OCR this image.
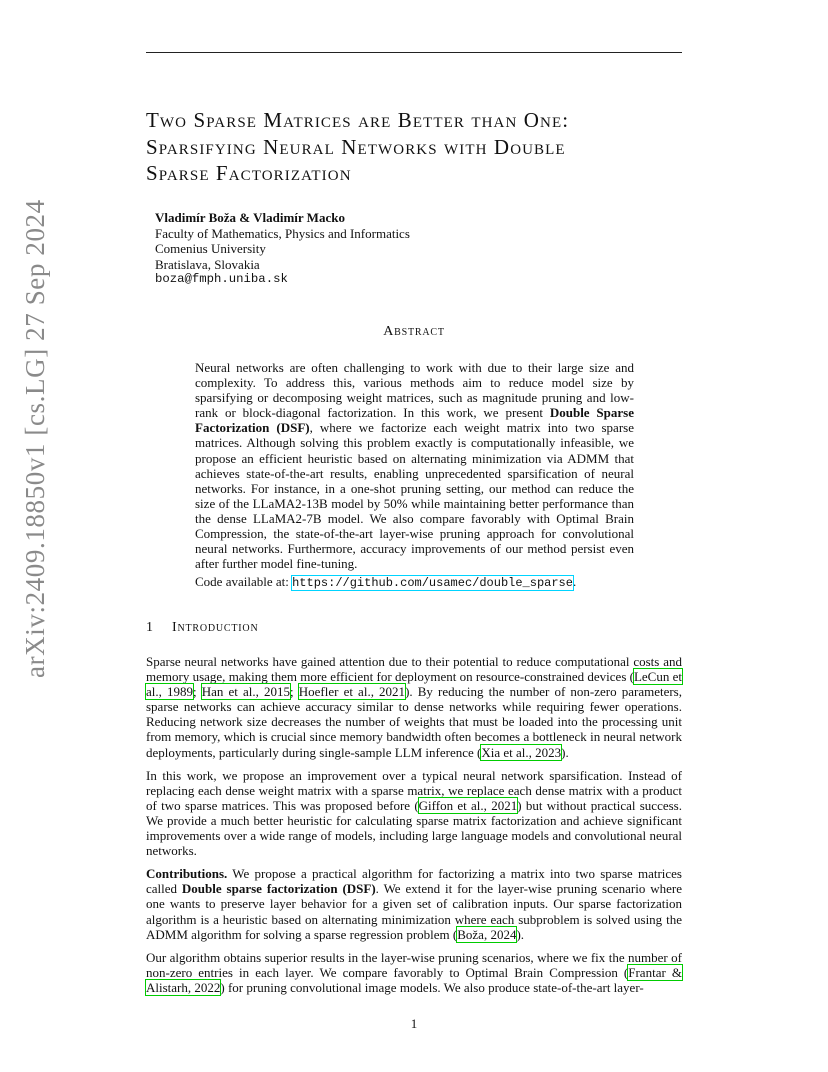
arXiv:2409.18850v1 [cs.LG] 27 Sep 2024
Two Sparse Matrices are Better than One:
Sparsifying Neural Networks with Double
Sparse Factorization
Vladimír Boža & Vladimír Macko
Faculty of Mathematics, Physics and Informatics
Comenius University
Bratislava, Slovakia
boza@fmph.uniba.sk
Abstract

Neural networks are often challenging to work with due to their large size and complexity. To address this, various methods aim to reduce model size by sparsifying or decomposing weight matrices, such as magnitude pruning and low-rank or block-diagonal factorization. In this work, we present Double Sparse Factorization (DSF), where we factorize each weight matrix into two sparse matrices. Although solving this problem exactly is computationally infeasible, we propose an efficient heuristic based on alternating minimization via ADMM that achieves state-of-the-art results, enabling unprecedented sparsification of neural networks. For instance, in a one-shot pruning setting, our method can reduce the size of the LLaMA2-13B model by 50% while maintaining better performance than the dense LLaMA2-7B model. We also compare favorably with Optimal Brain Compression, the state-of-the-art layer-wise pruning approach for convolutional neural networks. Furthermore, accuracy improvements of our method persist even after further model fine-tuning.

Code available at: https://github.com/usamec/double_sparse.

1 Introduction

Sparse neural networks have gained attention due to their potential to reduce computational costs and memory usage, making them more efficient for deployment on resource-constrained devices (LeCun et al., 1989; Han et al., 2015; Hoefler et al., 2021). By reducing the number of non-zero parameters, sparse networks can achieve accuracy similar to dense networks while requiring fewer operations. Reducing network size decreases the number of weights that must be loaded into the processing unit from memory, which is crucial since memory bandwidth often becomes a bottleneck in neural network deployments, particularly during single-sample LLM inference (Xia et al., 2023).

In this work, we propose an improvement over a typical neural network sparsification. Instead of replacing each dense weight matrix with a sparse matrix, we replace each dense matrix with a product of two sparse matrices. This was proposed before (Giffon et al., 2021) but without practical success. We provide a much better heuristic for calculating sparse matrix factorization and achieve significant improvements over a wide range of models, including large language models and convolutional neural networks.

Contributions. We propose a practical algorithm for factorizing a matrix into two sparse matrices called Double sparse factorization (DSF). We extend it for the layer-wise pruning scenario where one wants to preserve layer behavior for a given set of calibration inputs. Our sparse factorization algorithm is a heuristic based on alternating minimization where each subproblem is solved using the ADMM algorithm for solving a sparse regression problem (Boža, 2024).

Our algorithm obtains superior results in the layer-wise pruning scenarios, where we fix the number of non-zero entries in each layer. We compare favorably to Optimal Brain Compression (Frantar & Alistarh, 2022) for pruning convolutional image models. We also produce state-of-the-art layer-

1
